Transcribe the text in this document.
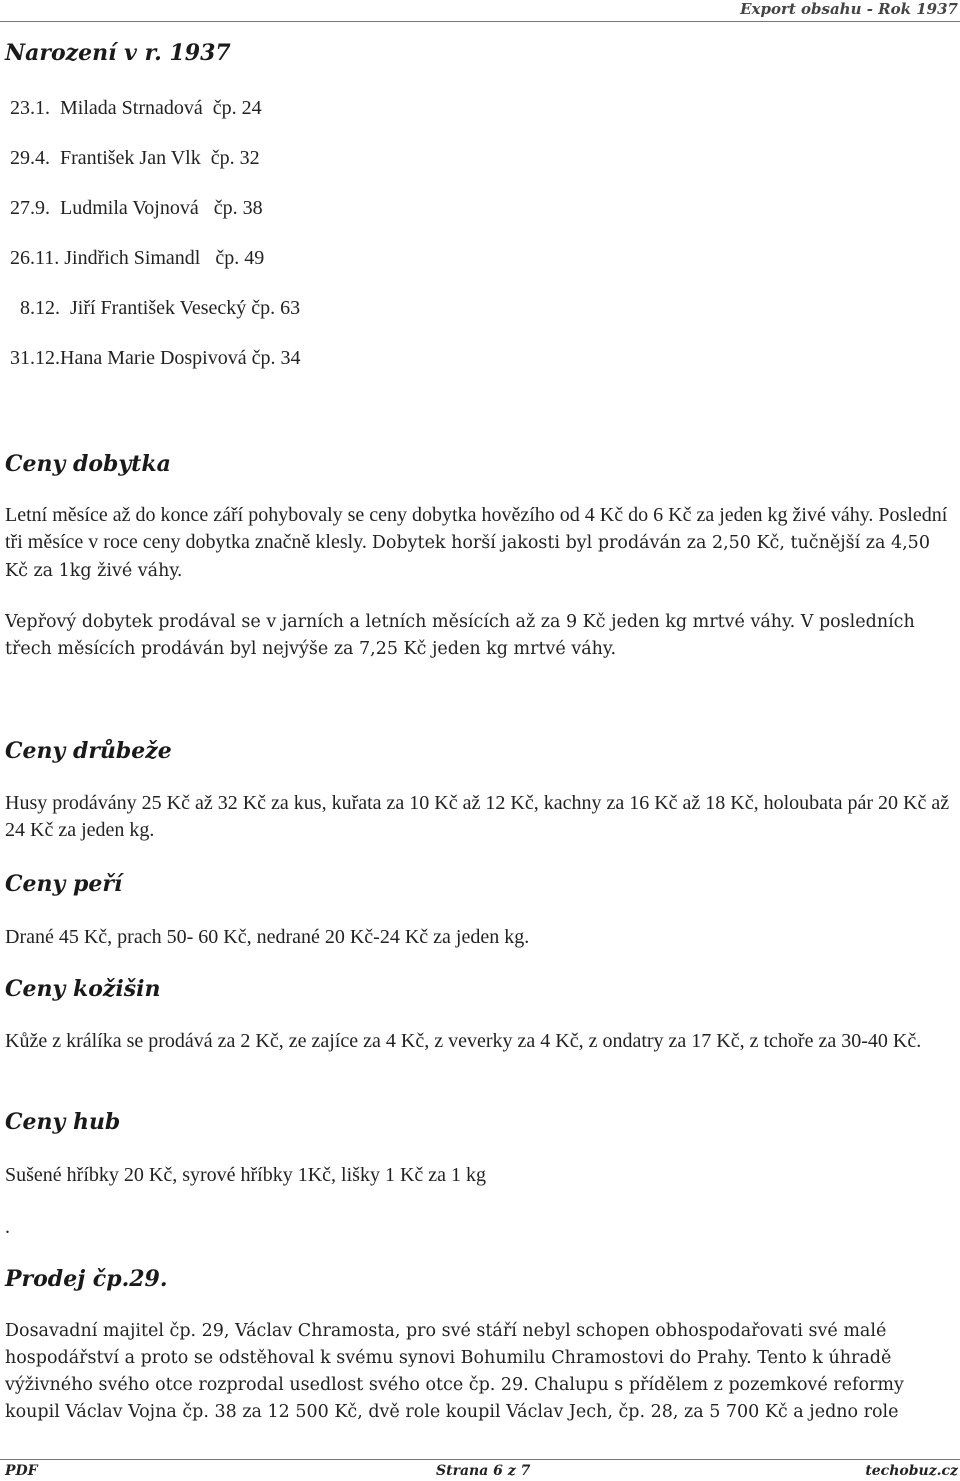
Export obsahu - Rok 1937
Narození v r. 1937
23.1.  Milada Strnadová  čp. 24
29.4.  František Jan Vlk  čp. 32
27.9.  Ludmila Vojnová   čp. 38
26.11. Jindřich Simandl   čp. 49
8.12.  Jiří František Vesecký čp. 63
31.12.Hana Marie Dospivová čp. 34
Ceny dobytka

Letní měsíce až do konce září pohybovaly se ceny dobytka hovězího od 4 Kč do 6 Kč za jeden kg živé váhy. Poslední tři měsíce v roce ceny dobytka značně klesly. Dobytek horší jakosti byl prodáván za 2,50 Kč, tučnější za 4,50 Kč za 1kg živé váhy.

Vepřový dobytek prodával se v jarních a letních měsících až za 9 Kč jeden kg mrtvé váhy. V posledních třech měsících prodáván byl nejvýše za 7,25 Kč jeden kg mrtvé váhy.

Ceny drůbeže

Husy prodávány 25 Kč až 32 Kč za kus, kuřata za 10 Kč až 12 Kč, kachny za 16 Kč až 18 Kč, holoubata pár 20 Kč až 24 Kč za jeden kg.

Ceny peří

Drané 45 Kč, prach 50- 60 Kč, nedrané 20 Kč-24 Kč za jeden kg.

Ceny kožišin

Kůže z králíka se prodává za 2 Kč, ze zajíce za 4 Kč, z veverky za 4 Kč, z ondatry za 17 Kč, z tchoře za 30-40 Kč.

Ceny hub

Sušené hříbky 20 Kč, syrové hříbky 1Kč, lišky 1 Kč za 1 kg

.

Prodej čp.29.

Dosavadní majitel čp. 29, Václav Chramosta, pro své stáří nebyl schopen obhospodařovati své malé hospodářství a proto se odstěhoval k svému synovi Bohumilu Chramostovi do Prahy. Tento k úhradě výživného svého otce rozprodal usedlost svého otce čp. 29. Chalupu s přídělem z pozemkové reformy koupil Václav Vojna čp. 38 za 12 500 Kč, dvě role koupil Václav Jech, čp. 28, za 5 700 Kč a jedno role

PDF	Strana 6 z 7	techobuz.cz
